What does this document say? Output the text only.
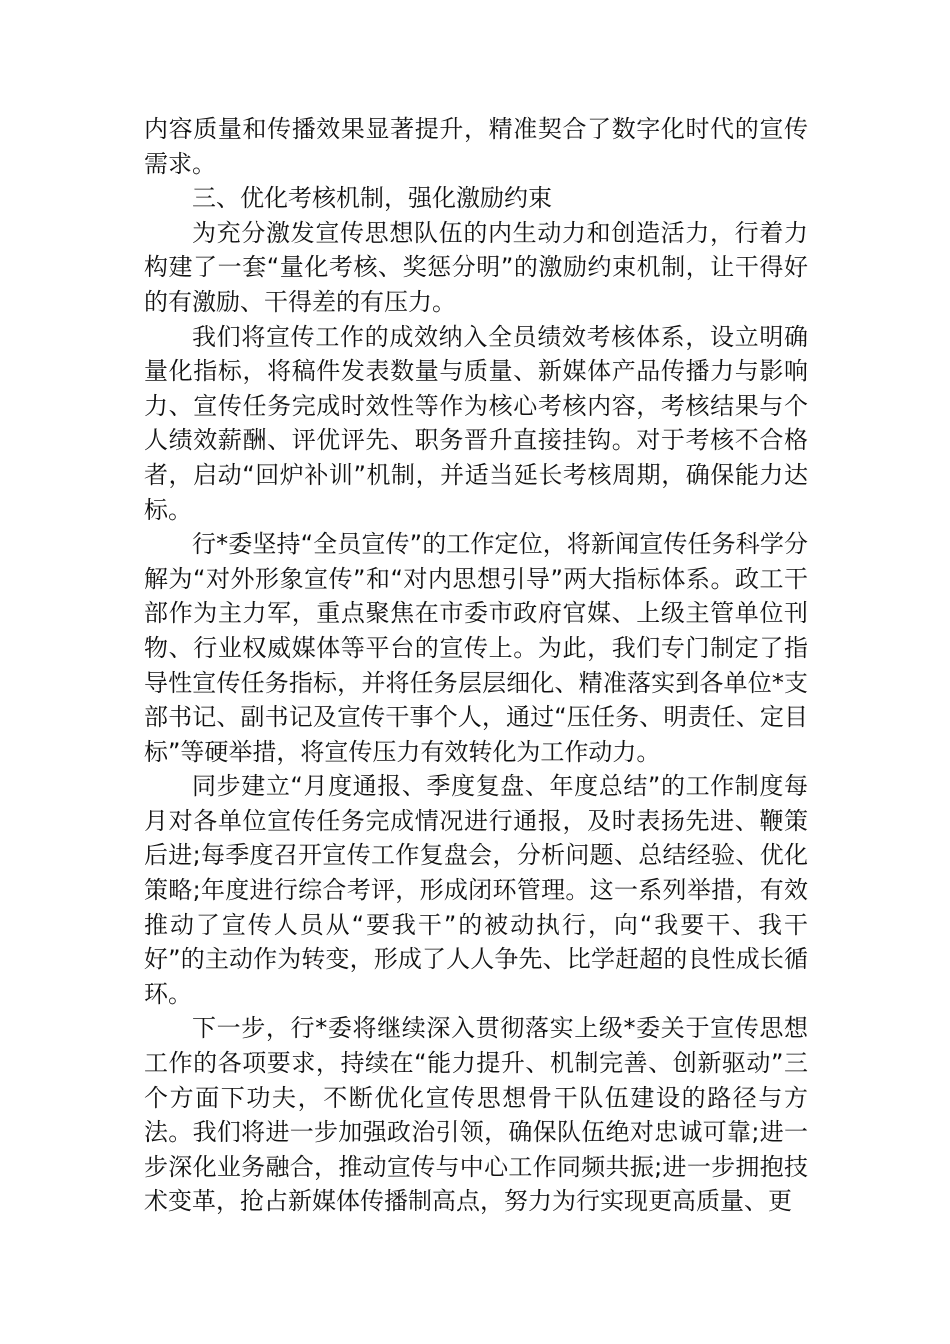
内容质量和传播效果显著提升，精准契合了数字化时代的宣传需求。

三、优化考核机制，强化激励约束

为充分激发宣传思想队伍的内生动力和创造活力，行着力构建了一套“量化考核、奖惩分明”的激励约束机制，让干得好的有激励、干得差的有压力。

我们将宣传工作的成效纳入全员绩效考核体系，设立明确量化指标，将稿件发表数量与质量、新媒体产品传播力与影响力、宣传任务完成时效性等作为核心考核内容，考核结果与个人绩效薪酬、评优评先、职务晋升直接挂钩。对于考核不合格者，启动“回炉补训”机制，并适当延长考核周期，确保能力达标。

行*委坚持“全员宣传”的工作定位，将新闻宣传任务科学分解为“对外形象宣传”和“对内思想引导”两大指标体系。政工干部作为主力军，重点聚焦在市委市政府官媒、上级主管单位刊物、行业权威媒体等平台的宣传上。为此，我们专门制定了指导性宣传任务指标，并将任务层层细化、精准落实到各单位*支部书记、副书记及宣传干事个人，通过“压任务、明责任、定目标”等硬举措，将宣传压力有效转化为工作动力。

同步建立“月度通报、季度复盘、年度总结”的工作制度每月对各单位宣传任务完成情况进行通报，及时表扬先进、鞭策后进;每季度召开宣传工作复盘会，分析问题、总结经验、优化策略;年度进行综合考评，形成闭环管理。这一系列举措，有效推动了宣传人员从“要我干”的被动执行，向“我要干、我干好”的主动作为转变，形成了人人争先、比学赶超的良性成长循环。

下一步，行*委将继续深入贯彻落实上级*委关于宣传思想工作的各项要求，持续在“能力提升、机制完善、创新驱动”三个方面下功夫，不断优化宣传思想骨干队伍建设的路径与方法。我们将进一步加强政治引领，确保队伍绝对忠诚可靠;进一步深化业务融合，推动宣传与中心工作同频共振;进一步拥抱技术变革，抢占新媒体传播制高点，努力为行实现更高质量、更
